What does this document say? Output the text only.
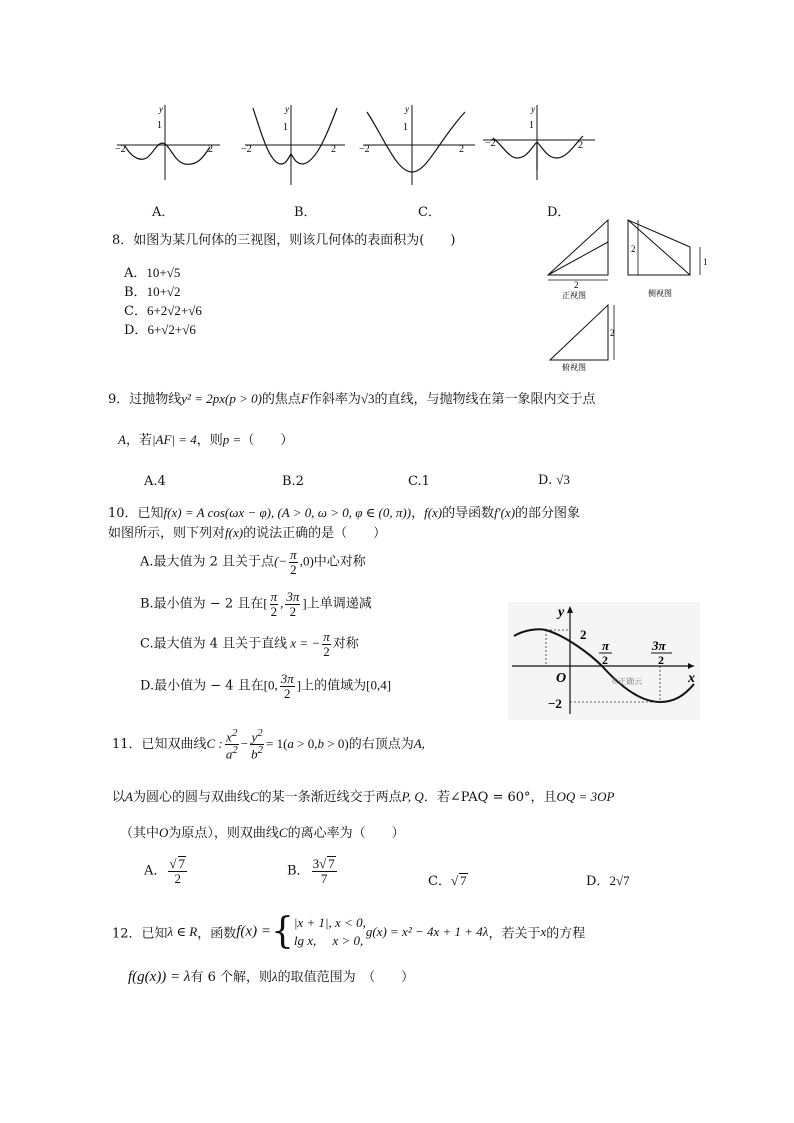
−2	2
1
y
−2	2
1
y
−2	2
1
y
−2	2
1
y
A．	B．	C．	D．
8．如图为某几何体的三视图，则该几何体的表面积为(　　)
A．10+√5
B．10+√2
C．6+2√2+√6
D．6+√2+√6
2
正视图
2
1
侧视图
2
俯视图
9．过抛物线y² = 2px(p > 0)的焦点F作斜率为√3的直线，与抛物线在第一象限内交于点
A，若|AF| = 4，则p =（　　）
A.4	B.2	C.1	D. √3
10．已知f(x) = A cos(ωx − φ), (A > 0, ω > 0, φ ∈ (0, π))，f(x)的导函数f′(x)的部分图象
如图所示，则下列对f(x)的说法正确的是（　　）
A.最大值为 2 且关于点(− $\frac{\pi}{2} ,0$)中心对称
B.最小值为 − 2 且在[ $\frac{\pi}{2}$ , $\frac{3\pi}{2}$ ]上单调递减
C.最大值为 4 且关于直线 x = − $\frac{\pi}{2}$ 对称
D.最小值为 − 4 且在[0, $\frac{3\pi}{2}$ ]上的值域为[0,4]
y
x
O
2
−2
π
2
3π
2
©正确云
11．已知双曲线C : $\frac{x^2}{a^2} - \frac{y^2}{b^2} = 1(a > 0,b > 0)$的右顶点为A,
以A为圆心的圆与双曲线C的某一条渐近线交于两点P, Q．若∠PAQ = 60°，且OQ = 3OP
（其中O为原点），则双曲线C的离心率为（　　）
A． $\frac{√ 7}{2}$	B． $\frac{3√ 7}{7}$	C．√ 7	D．2√7
12．已知λ ∈ R，函数f(x) ={ |x + 1|, x < 0,
lg x,　 x > 0,
g(x) = x² − 4x + 1 + 4λ，若关于x的方程
f(g(x)) = λ有 6 个解，则λ的取值范围为　（　　）
